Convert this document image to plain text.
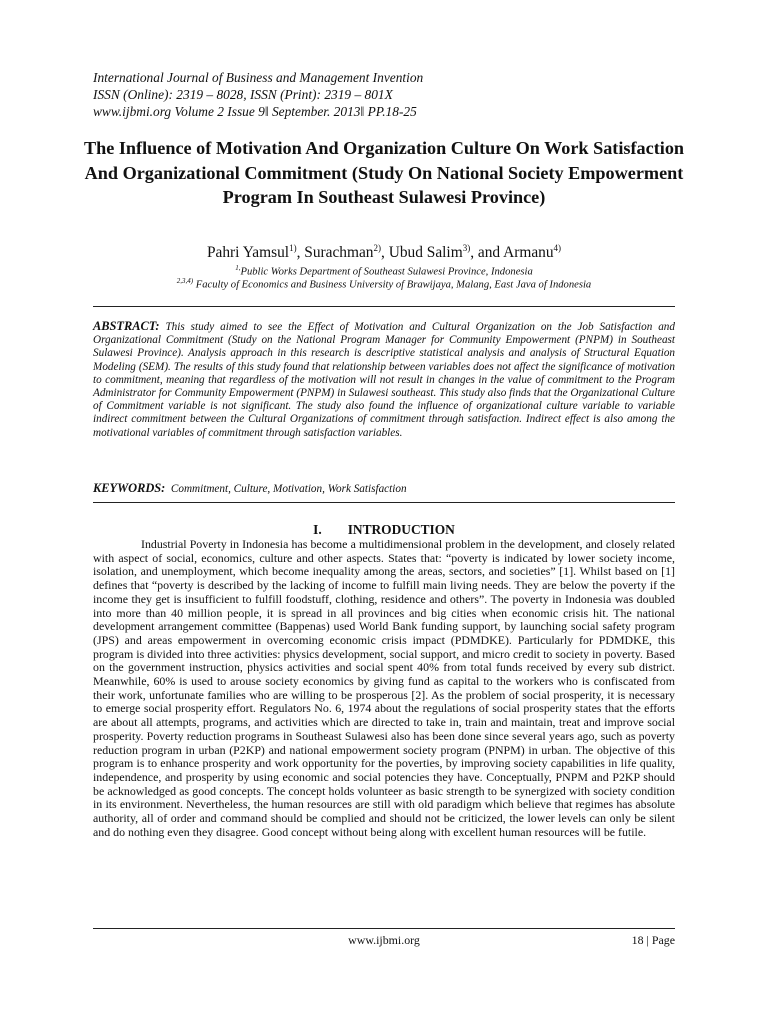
International Journal of Business and Management Invention
ISSN (Online): 2319 – 8028, ISSN (Print): 2319 – 801X
www.ijbmi.org Volume 2 Issue 9ǁ September. 2013ǁ PP.18-25
The Influence of Motivation And Organization Culture On Work Satisfaction And Organizational Commitment (Study On National Society Empowerment Program In Southeast Sulawesi Province)
Pahri Yamsul$^{1)}$, Surachman$^{2)}$, Ubud Salim$^{3)}$, and Armanu$^{4)}$
$^{1,}$Public Works Department of Southeast Sulawesi Province, Indonesia
$^{2,3,4)}$ Faculty of Economics and Business University of Brawijaya, Malang, East Java of Indonesia

ABSTRACT: This study aimed to see the Effect of Motivation and Cultural Organization on the Job Satisfaction and Organizational Commitment (Study on the National Program Manager for Community Empowerment (PNPM) in Southeast Sulawesi Province). Analysis approach in this research is descriptive statistical analysis and analysis of Structural Equation Modeling (SEM). The results of this study found that relationship between variables does not affect the significance of motivation to commitment, meaning that regardless of the motivation will not result in changes in the value of commitment to the Program Administrator for Community Empowerment (PNPM) in Sulawesi southeast. This study also finds that the Organizational Culture of Commitment variable is not significant. The study also found the influence of organizational culture variable to variable indirect commitment between the Cultural Organizations of commitment through satisfaction. Indirect effect is also among the motivational variables of commitment through satisfaction variables.

KEYWORDS: Commitment, Culture, Motivation, Work Satisfaction
I. INTRODUCTION

Industrial Poverty in Indonesia has become a multidimensional problem in the development, and closely related with aspect of social, economics, culture and other aspects. States that: “poverty is indicated by lower society income, isolation, and unemployment, which become inequality among the areas, sectors, and societies” [1]. Whilst based on [1] defines that “poverty is described by the lacking of income to fulfill main living needs. They are below the poverty if the income they get is insufficient to fulfill foodstuff, clothing, residence and others”. The poverty in Indonesia was doubled into more than 40 million people, it is spread in all provinces and big cities when economic crisis hit. The national development arrangement committee (Bappenas) used World Bank funding support, by launching social safety program (JPS) and areas empowerment in overcoming economic crisis impact (PDMDKE). Particularly for PDMDKE, this program is divided into three activities: physics development, social support, and micro credit to society in poverty. Based on the government instruction, physics activities and social spent 40% from total funds received by every sub district. Meanwhile, 60% is used to arouse society economics by giving fund as capital to the workers who is confiscated from their work, unfortunate families who are willing to be prosperous [2]. As the problem of social prosperity, it is necessary to emerge social prosperity effort. Regulators No. 6, 1974 about the regulations of social prosperity states that the efforts are about all attempts, programs, and activities which are directed to take in, train and maintain, treat and improve social prosperity. Poverty reduction programs in Southeast Sulawesi also has been done since several years ago, such as poverty reduction program in urban (P2KP) and national empowerment society program (PNPM) in urban. The objective of this program is to enhance prosperity and work opportunity for the poverties, by improving society capabilities in life quality, independence, and prosperity by using economic and social potencies they have. Conceptually, PNPM and P2KP should be acknowledged as good concepts. The concept holds volunteer as basic strength to be synergized with society condition in its environment. Nevertheless, the human resources are still with old paradigm which believe that regimes has absolute authority, all of order and command should be complied and should not be criticized, the lower levels can only be silent and do nothing even they disagree. Good concept without being along with excellent human resources will be futile.

www.ijbmi.org	18 | Page
